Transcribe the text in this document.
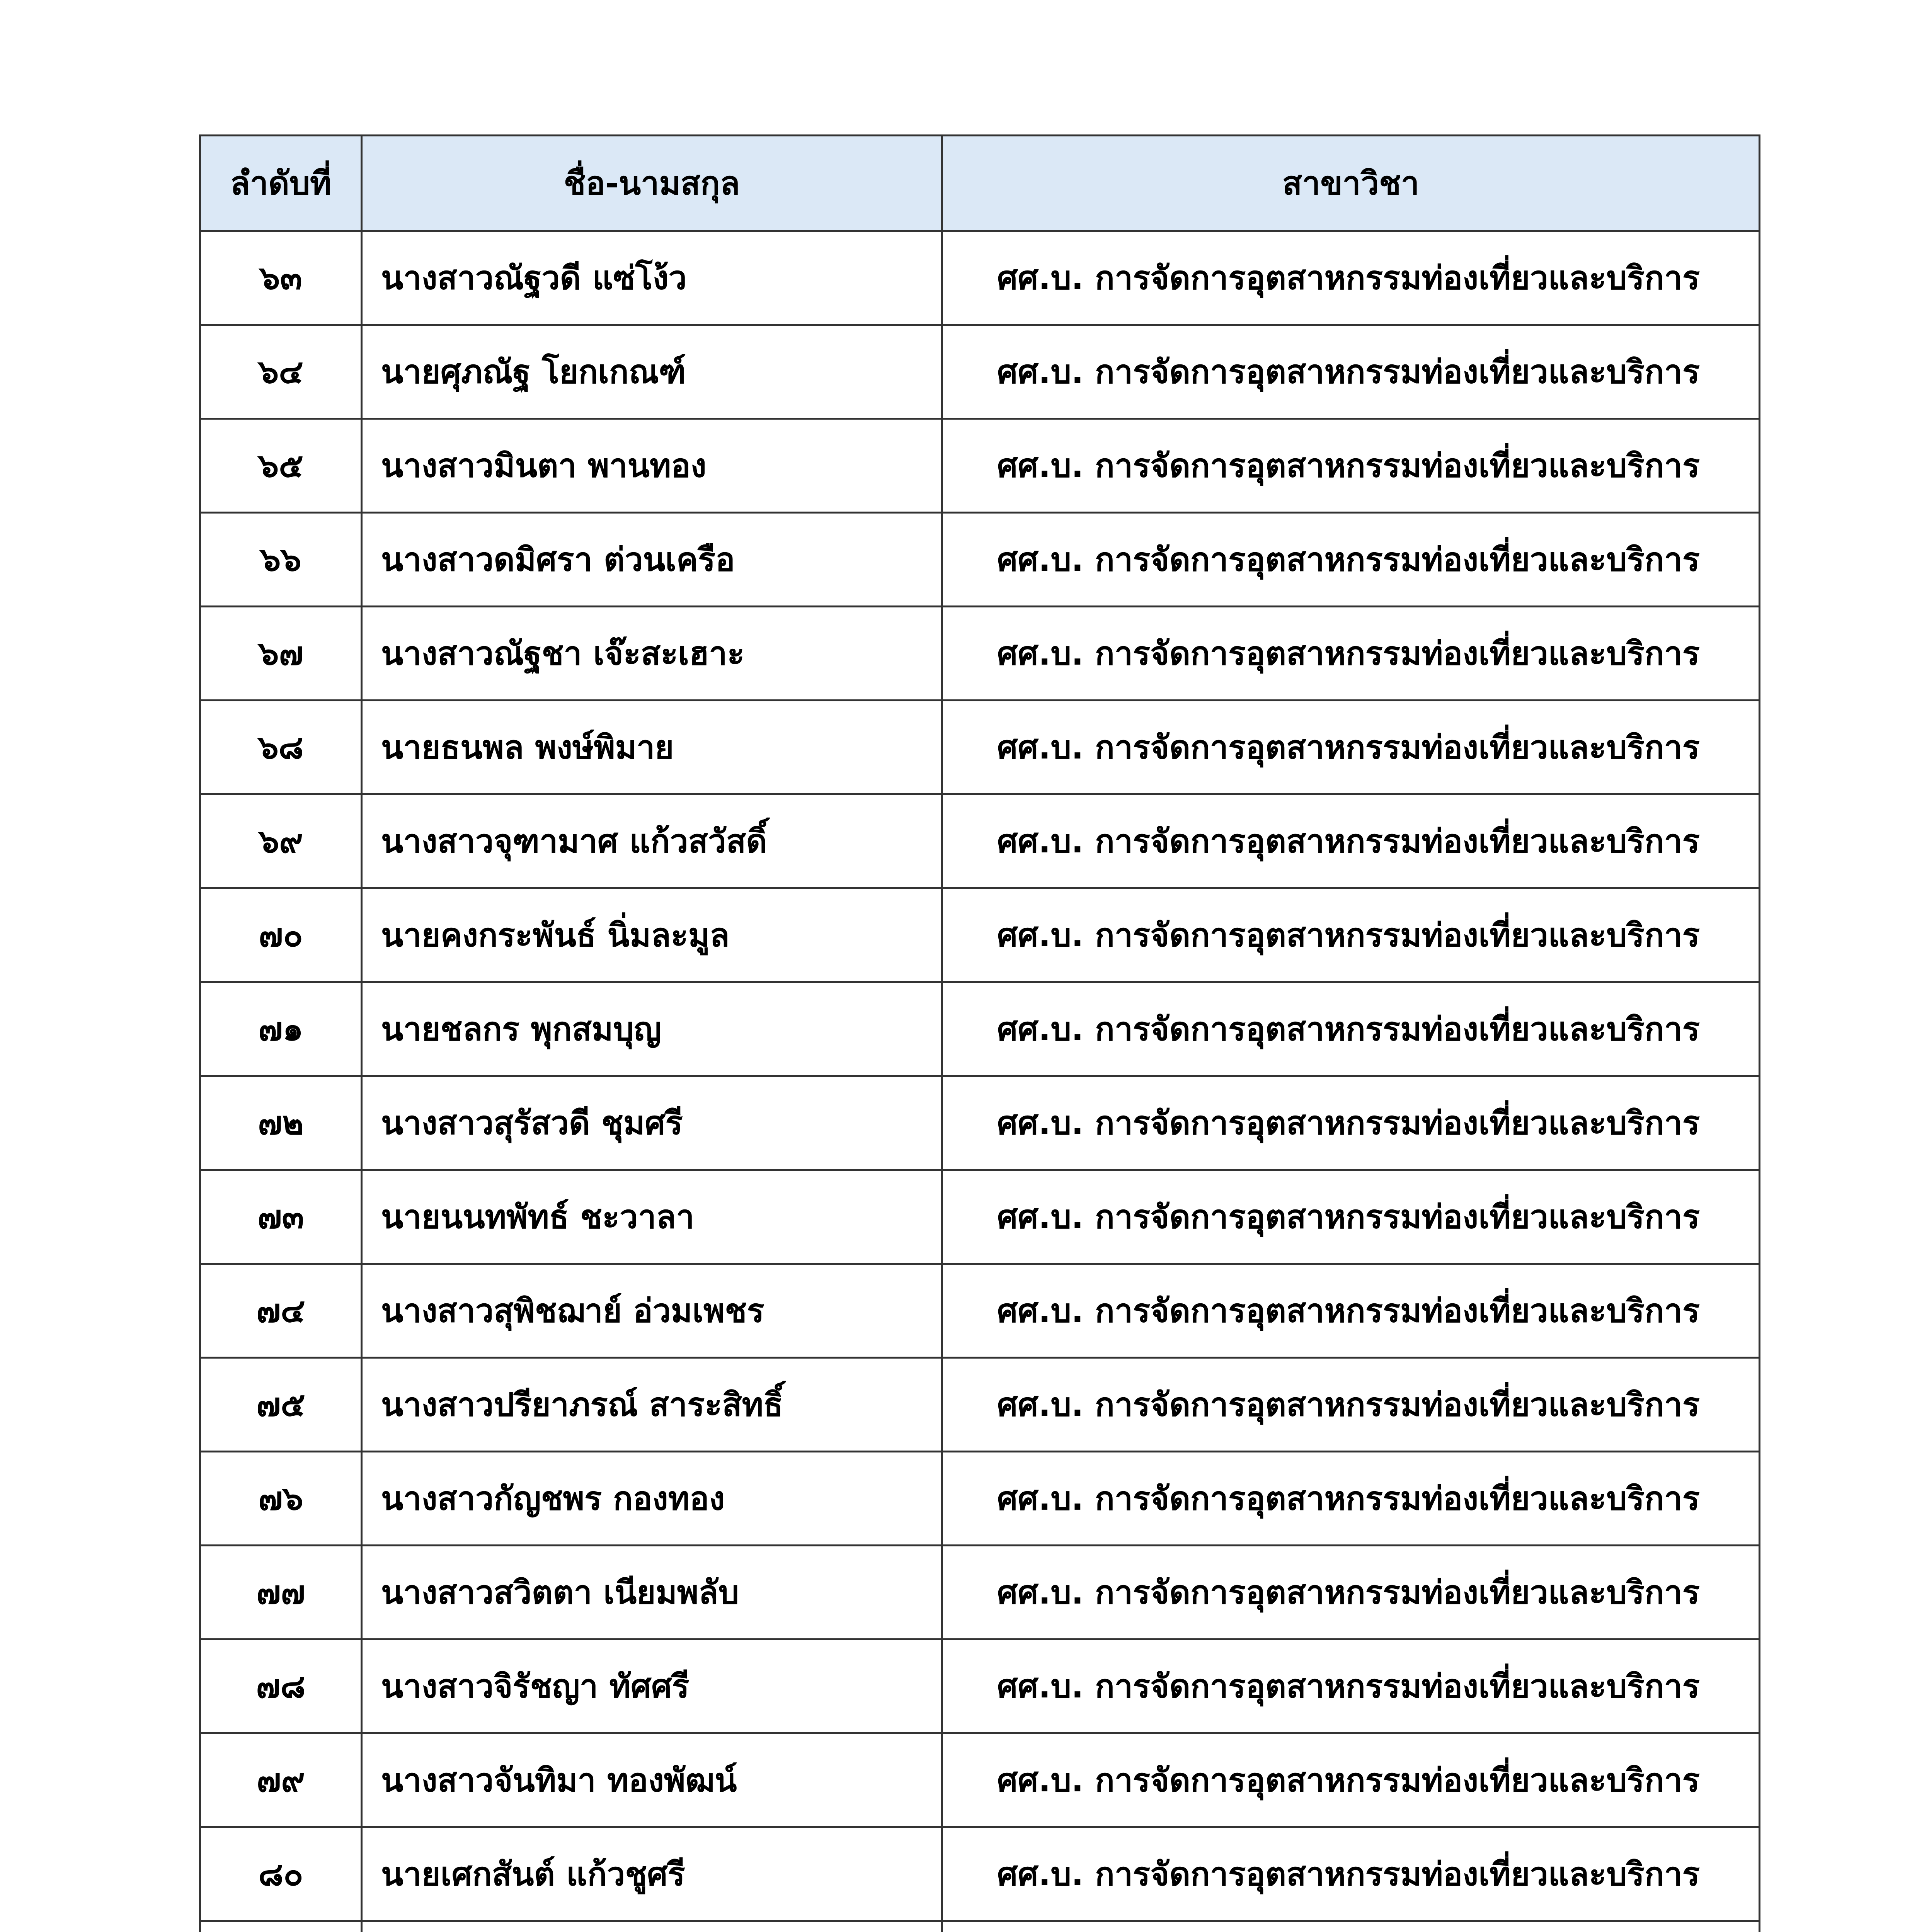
ลำดับที่	ชื่อ-นามสกุล	สาขาวิชา
๖๓	นางสาวณัฐวดี แซ่โง้ว	ศศ.บ. การจัดการอุตสาหกรรมท่องเที่ยวและบริการ
๖๔	นายศุภณัฐ โยกเกณฑ์	ศศ.บ. การจัดการอุตสาหกรรมท่องเที่ยวและบริการ
๖๕	นางสาวมินตา พานทอง	ศศ.บ. การจัดการอุตสาหกรรมท่องเที่ยวและบริการ
๖๖	นางสาวดมิศรา ต่วนเครือ	ศศ.บ. การจัดการอุตสาหกรรมท่องเที่ยวและบริการ
๖๗	นางสาวณัฐชา เจ๊ะสะเฮาะ	ศศ.บ. การจัดการอุตสาหกรรมท่องเที่ยวและบริการ
๖๘	นายธนพล พงษ์พิมาย	ศศ.บ. การจัดการอุตสาหกรรมท่องเที่ยวและบริการ
๖๙	นางสาวจุฑามาศ แก้วสวัสดิ์	ศศ.บ. การจัดการอุตสาหกรรมท่องเที่ยวและบริการ
๗๐	นายคงกระพันธ์ นิ่มละมูล	ศศ.บ. การจัดการอุตสาหกรรมท่องเที่ยวและบริการ
๗๑	นายชลกร พุกสมบุญ	ศศ.บ. การจัดการอุตสาหกรรมท่องเที่ยวและบริการ
๗๒	นางสาวสุรัสวดี ชุมศรี	ศศ.บ. การจัดการอุตสาหกรรมท่องเที่ยวและบริการ
๗๓	นายนนทพัทธ์ ชะวาลา	ศศ.บ. การจัดการอุตสาหกรรมท่องเที่ยวและบริการ
๗๔	นางสาวสุพิชฌาย์ อ่วมเพชร	ศศ.บ. การจัดการอุตสาหกรรมท่องเที่ยวและบริการ
๗๕	นางสาวปรียาภรณ์ สาระสิทธิ์	ศศ.บ. การจัดการอุตสาหกรรมท่องเที่ยวและบริการ
๗๖	นางสาวกัญชพร กองทอง	ศศ.บ. การจัดการอุตสาหกรรมท่องเที่ยวและบริการ
๗๗	นางสาวสวิตตา เนียมพลับ	ศศ.บ. การจัดการอุตสาหกรรมท่องเที่ยวและบริการ
๗๘	นางสาวจิรัชญา ทัศศรี	ศศ.บ. การจัดการอุตสาหกรรมท่องเที่ยวและบริการ
๗๙	นางสาวจันทิมา ทองพัฒน์	ศศ.บ. การจัดการอุตสาหกรรมท่องเที่ยวและบริการ
๘๐	นายเศกสันต์ แก้วชูศรี	ศศ.บ. การจัดการอุตสาหกรรมท่องเที่ยวและบริการ
